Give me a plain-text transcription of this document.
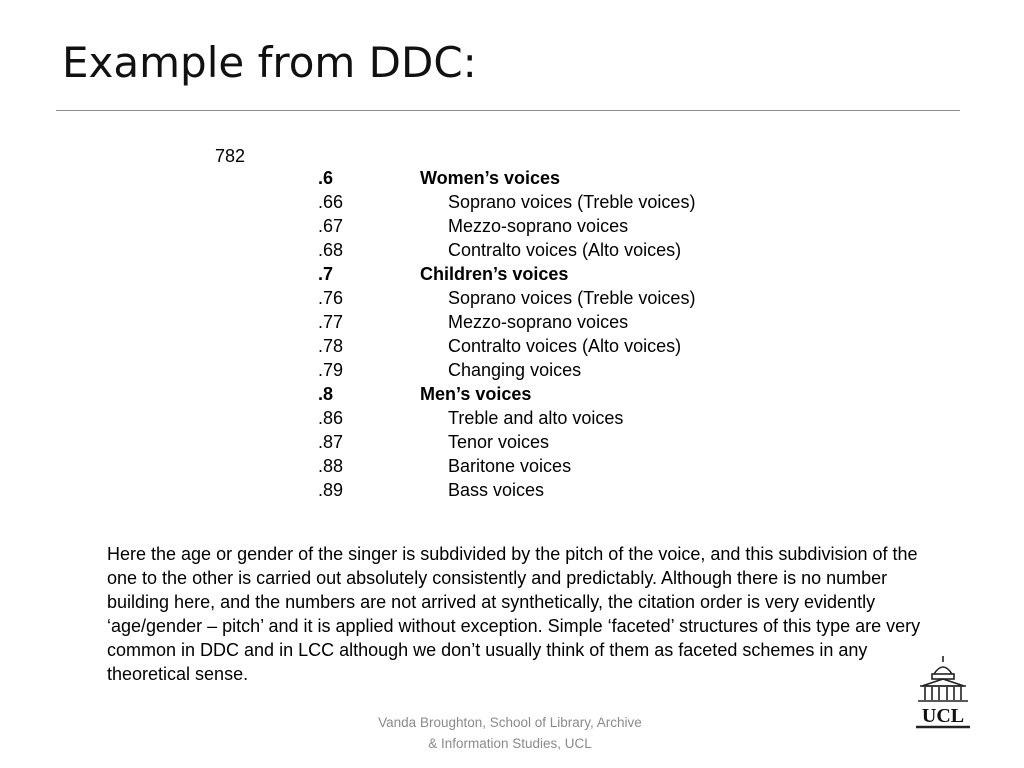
Example from DDC:
782
.6	Women’s voices
.66	Soprano voices (Treble voices)
.67	Mezzo-soprano voices
.68	Contralto voices (Alto voices)
.7	Children’s voices
.76	Soprano voices (Treble voices)
.77	Mezzo-soprano voices
.78	Contralto voices (Alto voices)
.79	Changing voices
.8	Men’s voices
.86	Treble and alto voices
.87	Tenor voices
.88	Baritone voices
.89	Bass voices

Here the age or gender of the singer is subdivided by the pitch of the voice, and this subdivision of the one to the other is carried out absolutely consistently and predictably. Although there is no number building here, and the numbers are not arrived at synthetically, the citation order is very evidently ‘age/gender – pitch’ and it is applied without exception. Simple ‘faceted’ structures of this type are very common in DDC and in LCC although we don’t usually think of them as faceted schemes in any theoretical sense.

Vanda Broughton, School of Library, Archive
& Information Studies, UCL
UCL
